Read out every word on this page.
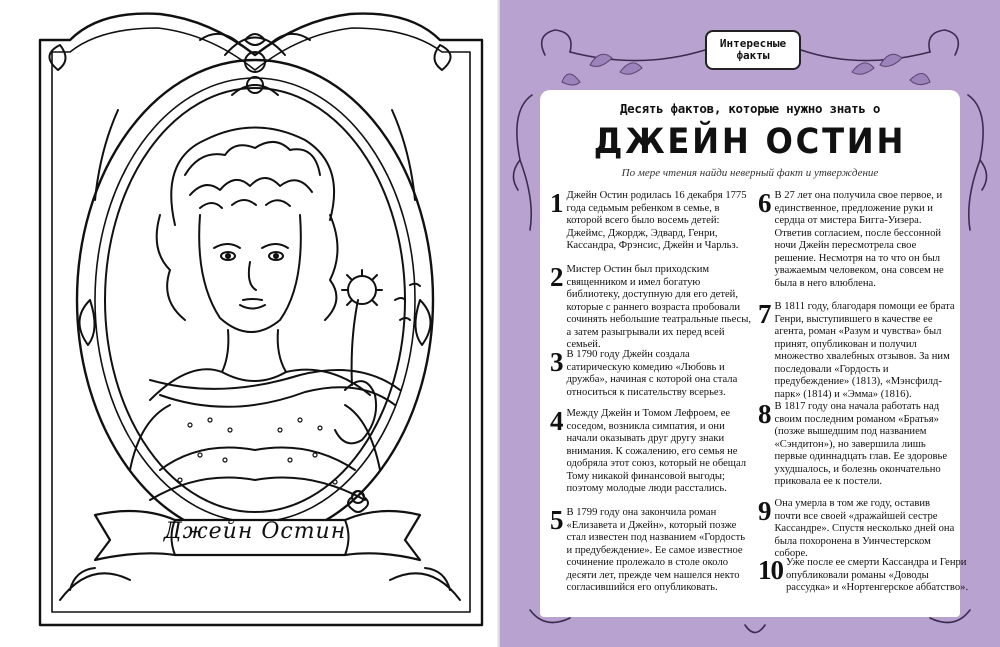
Джейн Остин
Интересные
факты
Десять фактов, которые нужно знать о
ДЖЕЙН ОСТИН
По мере чтения найди неверный факт и утверждение
1 Джейн Остин родилась 16 декабря 1775 года седьмым ребенком в семье, в которой всего было восемь детей: Джеймс, Джордж, Эдвард, Генри, Кассандра, Фрэнсис, Джейн и Чарльз.
2 Мистер Остин был приходским священником и имел богатую библиотеку, доступную для его детей, которые с раннего возраста пробовали сочинять небольшие театральные пьесы, а затем разыгрывали их перед всей семьей.
3 В 1790 году Джейн создала сатирическую комедию «Любовь и дружба», начиная с которой она стала относиться к писательству всерьез.
4 Между Джейн и Томом Лефроем, ее соседом, возникла симпатия, и они начали оказывать друг другу знаки внимания. К сожалению, его семья не одобряла этот союз, который не обещал Тому никакой финансовой выгоды; поэтому молодые люди расстались.
5 В 1799 году она закончила роман «Елизавета и Джейн», который позже стал известен под названием «Гордость и предубеждение». Ее самое известное сочинение пролежало в столе около десяти лет, прежде чем нашелся некто согласившийся его опубликовать.
6 В 27 лет она получила свое первое, и единственное, предложение руки и сердца от мистера Бигга-Уизера. Ответив согласием, после бессонной ночи Джейн пересмотрела свое решение. Несмотря на то что он был уважаемым человеком, она совсем не была в него влюблена.
7 В 1811 году, благодаря помощи ее брата Генри, выступившего в качестве ее агента, роман «Разум и чувства» был принят, опубликован и получил множество хвалебных отзывов. За ним последовали «Гордость и предубеждение» (1813), «Мэнсфилд-парк» (1814) и «Эмма» (1816).
8 В 1817 году она начала работать над своим последним романом «Братья» (позже вышедшим под названием «Сэндитон»), но завершила лишь первые одиннадцать глав. Ее здоровье ухудшалось, и болезнь окончательно приковала ее к постели.
9 Она умерла в том же году, оставив почти все своей «дражайшей сестре Кассандре». Спустя несколько дней она была похоронена в Уинчестерском соборе.
10 Уже после ее смерти Кассандра и Генри опубликовали романы «Доводы рассудка» и «Нортенгерское аббатство».
